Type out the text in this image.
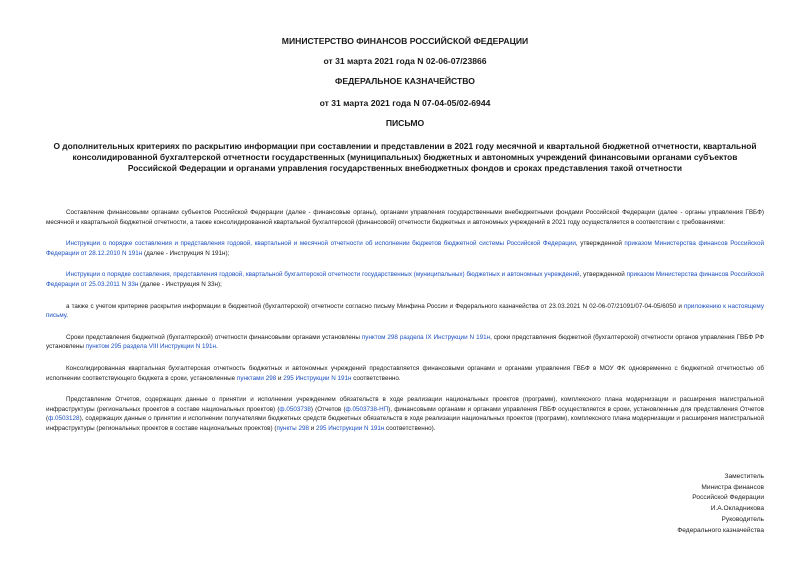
МИНИСТЕРСТВО ФИНАНСОВ РОССИЙСКОЙ ФЕДЕРАЦИИ

от 31 марта 2021 года N 02-06-07/23866

ФЕДЕРАЛЬНОЕ КАЗНАЧЕЙСТВО

от 31 марта 2021 года N 07-04-05/02-6944

ПИСЬМО

О дополнительных критериях по раскрытию информации при составлении и представлении в 2021 году месячной и квартальной бюджетной отчетности, квартальной консолидированной бухгалтерской отчетности государственных (муниципальных) бюджетных и автономных учреждений финансовыми органами субъектов Российской Федерации и органами управления государственных внебюджетных фондов и сроках представления такой отчетности

Составление финансовыми органами субъектов Российской Федерации (далее - финансовые органы), органами управления государственными внебюджетными фондами Российской Федерации (далее - органы управления ГВБФ) месячной и квартальной бюджетной отчетности, а также консолидированной квартальной бухгалтерской (финансовой) отчетности бюджетных и автономных учреждений в 2021 году осуществляется в соответствии с требованиями:

Инструкции о порядке составления и представления годовой, квартальной и месячной отчетности об исполнении бюджетов бюджетной системы Российской Федерации, утвержденной приказом Министерства финансов Российской Федерации от 28.12.2010 N 191н (далее - Инструкция N 191н);

Инструкции о порядке составления, представления годовой, квартальной бухгалтерской отчетности государственных (муниципальных) бюджетных и автономных учреждений, утвержденной приказом Министерства финансов Российской Федерации от 25.03.2011 N 33н (далее - Инструкция N 33н);

а также с учетом критериев раскрытия информации в бюджетной (бухгалтерской) отчетности согласно письму Минфина России и Федерального казначейства от 23.03.2021 N 02-06-07/21091/07-04-05/6050 и приложению к настоящему письму.

Сроки представления бюджетной (бухгалтерской) отчетности финансовыми органами установлены пунктом 298 раздела IX Инструкции N 191н, сроки представления бюджетной (бухгалтерской) отчетности органов управления ГВБФ РФ установлены пунктом 295 раздела VIII Инструкции N 191н.

Консолидированная квартальная бухгалтерская отчетность бюджетных и автономных учреждений предоставляется финансовыми органами и органами управления ГВБФ в МОУ ФК одновременно с бюджетной отчетностью об исполнении соответствующего бюджета в сроки, установленные пунктами 298 и 295 Инструкции N 191н соответственно.

Представление Отчетов, содержащих данные о принятии и исполнении учреждением обязательств в ходе реализации национальных проектов (программ), комплексного плана модернизации и расширения магистральной инфраструктуры (региональных проектов в составе национальных проектов) (ф.0503738) (Отчетов (ф.0503738-НП), финансовыми органами и органами управления ГВБФ осуществляется в сроки, установленные для представления Отчетов (ф.0503128), содержащих данные о принятии и исполнении получателями бюджетных средств бюджетных обязательств в ходе реализации национальных проектов (программ), комплексного плана модернизации и расширения магистральной инфраструктуры (региональных проектов в составе национальных проектов) (пункты 298 и 295 Инструкции N 191н соответственно).

Заместитель
Министра финансов
Российской Федерации
И.А.Окладникова
Руководитель
Федерального казначейства
